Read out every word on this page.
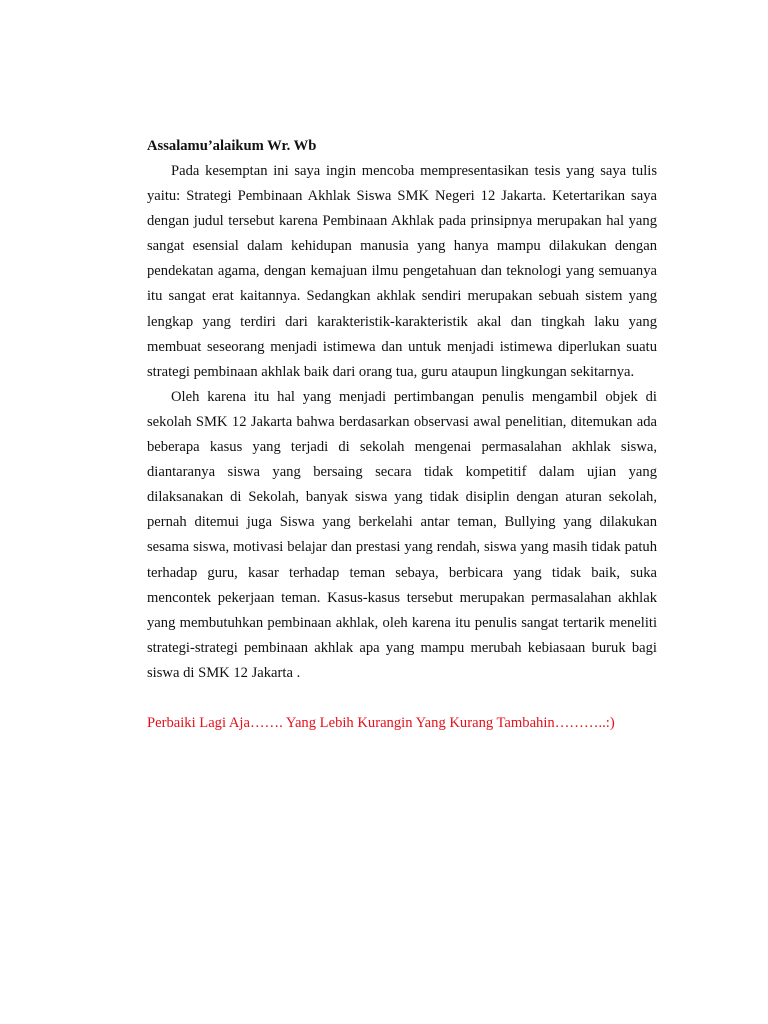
Assalamu’alaikum Wr. Wb

Pada kesemptan ini saya ingin mencoba mempresentasikan tesis yang saya tulis yaitu: Strategi Pembinaan Akhlak Siswa SMK Negeri 12 Jakarta. Ketertarikan saya dengan judul tersebut karena Pembinaan Akhlak pada prinsipnya merupakan hal yang sangat esensial dalam kehidupan manusia yang hanya mampu dilakukan dengan pendekatan agama, dengan kemajuan ilmu pengetahuan dan teknologi yang semuanya itu sangat erat kaitannya. Sedangkan akhlak sendiri merupakan sebuah sistem yang lengkap yang terdiri dari karakteristik-karakteristik akal dan tingkah laku yang membuat seseorang menjadi istimewa dan untuk menjadi istimewa diperlukan suatu strategi pembinaan akhlak baik dari orang tua, guru ataupun lingkungan sekitarnya.

Oleh karena itu hal yang menjadi pertimbangan penulis mengambil objek di sekolah SMK 12 Jakarta bahwa berdasarkan observasi awal penelitian, ditemukan ada beberapa kasus yang terjadi di sekolah mengenai permasalahan akhlak siswa, diantaranya siswa yang bersaing secara tidak kompetitif dalam ujian yang dilaksanakan di Sekolah, banyak siswa yang tidak disiplin dengan aturan sekolah, pernah ditemui juga Siswa yang berkelahi antar teman, Bullying yang dilakukan sesama siswa, motivasi belajar dan prestasi yang rendah, siswa yang masih tidak patuh terhadap guru, kasar terhadap teman sebaya, berbicara yang tidak baik, suka mencontek pekerjaan teman. Kasus-kasus tersebut merupakan permasalahan akhlak yang membutuhkan pembinaan akhlak, oleh karena itu penulis sangat tertarik meneliti strategi-strategi pembinaan akhlak apa yang mampu merubah kebiasaan buruk bagi siswa di SMK 12 Jakarta .

Perbaiki Lagi Aja……. Yang Lebih Kurangin Yang Kurang Tambahin………..:)
